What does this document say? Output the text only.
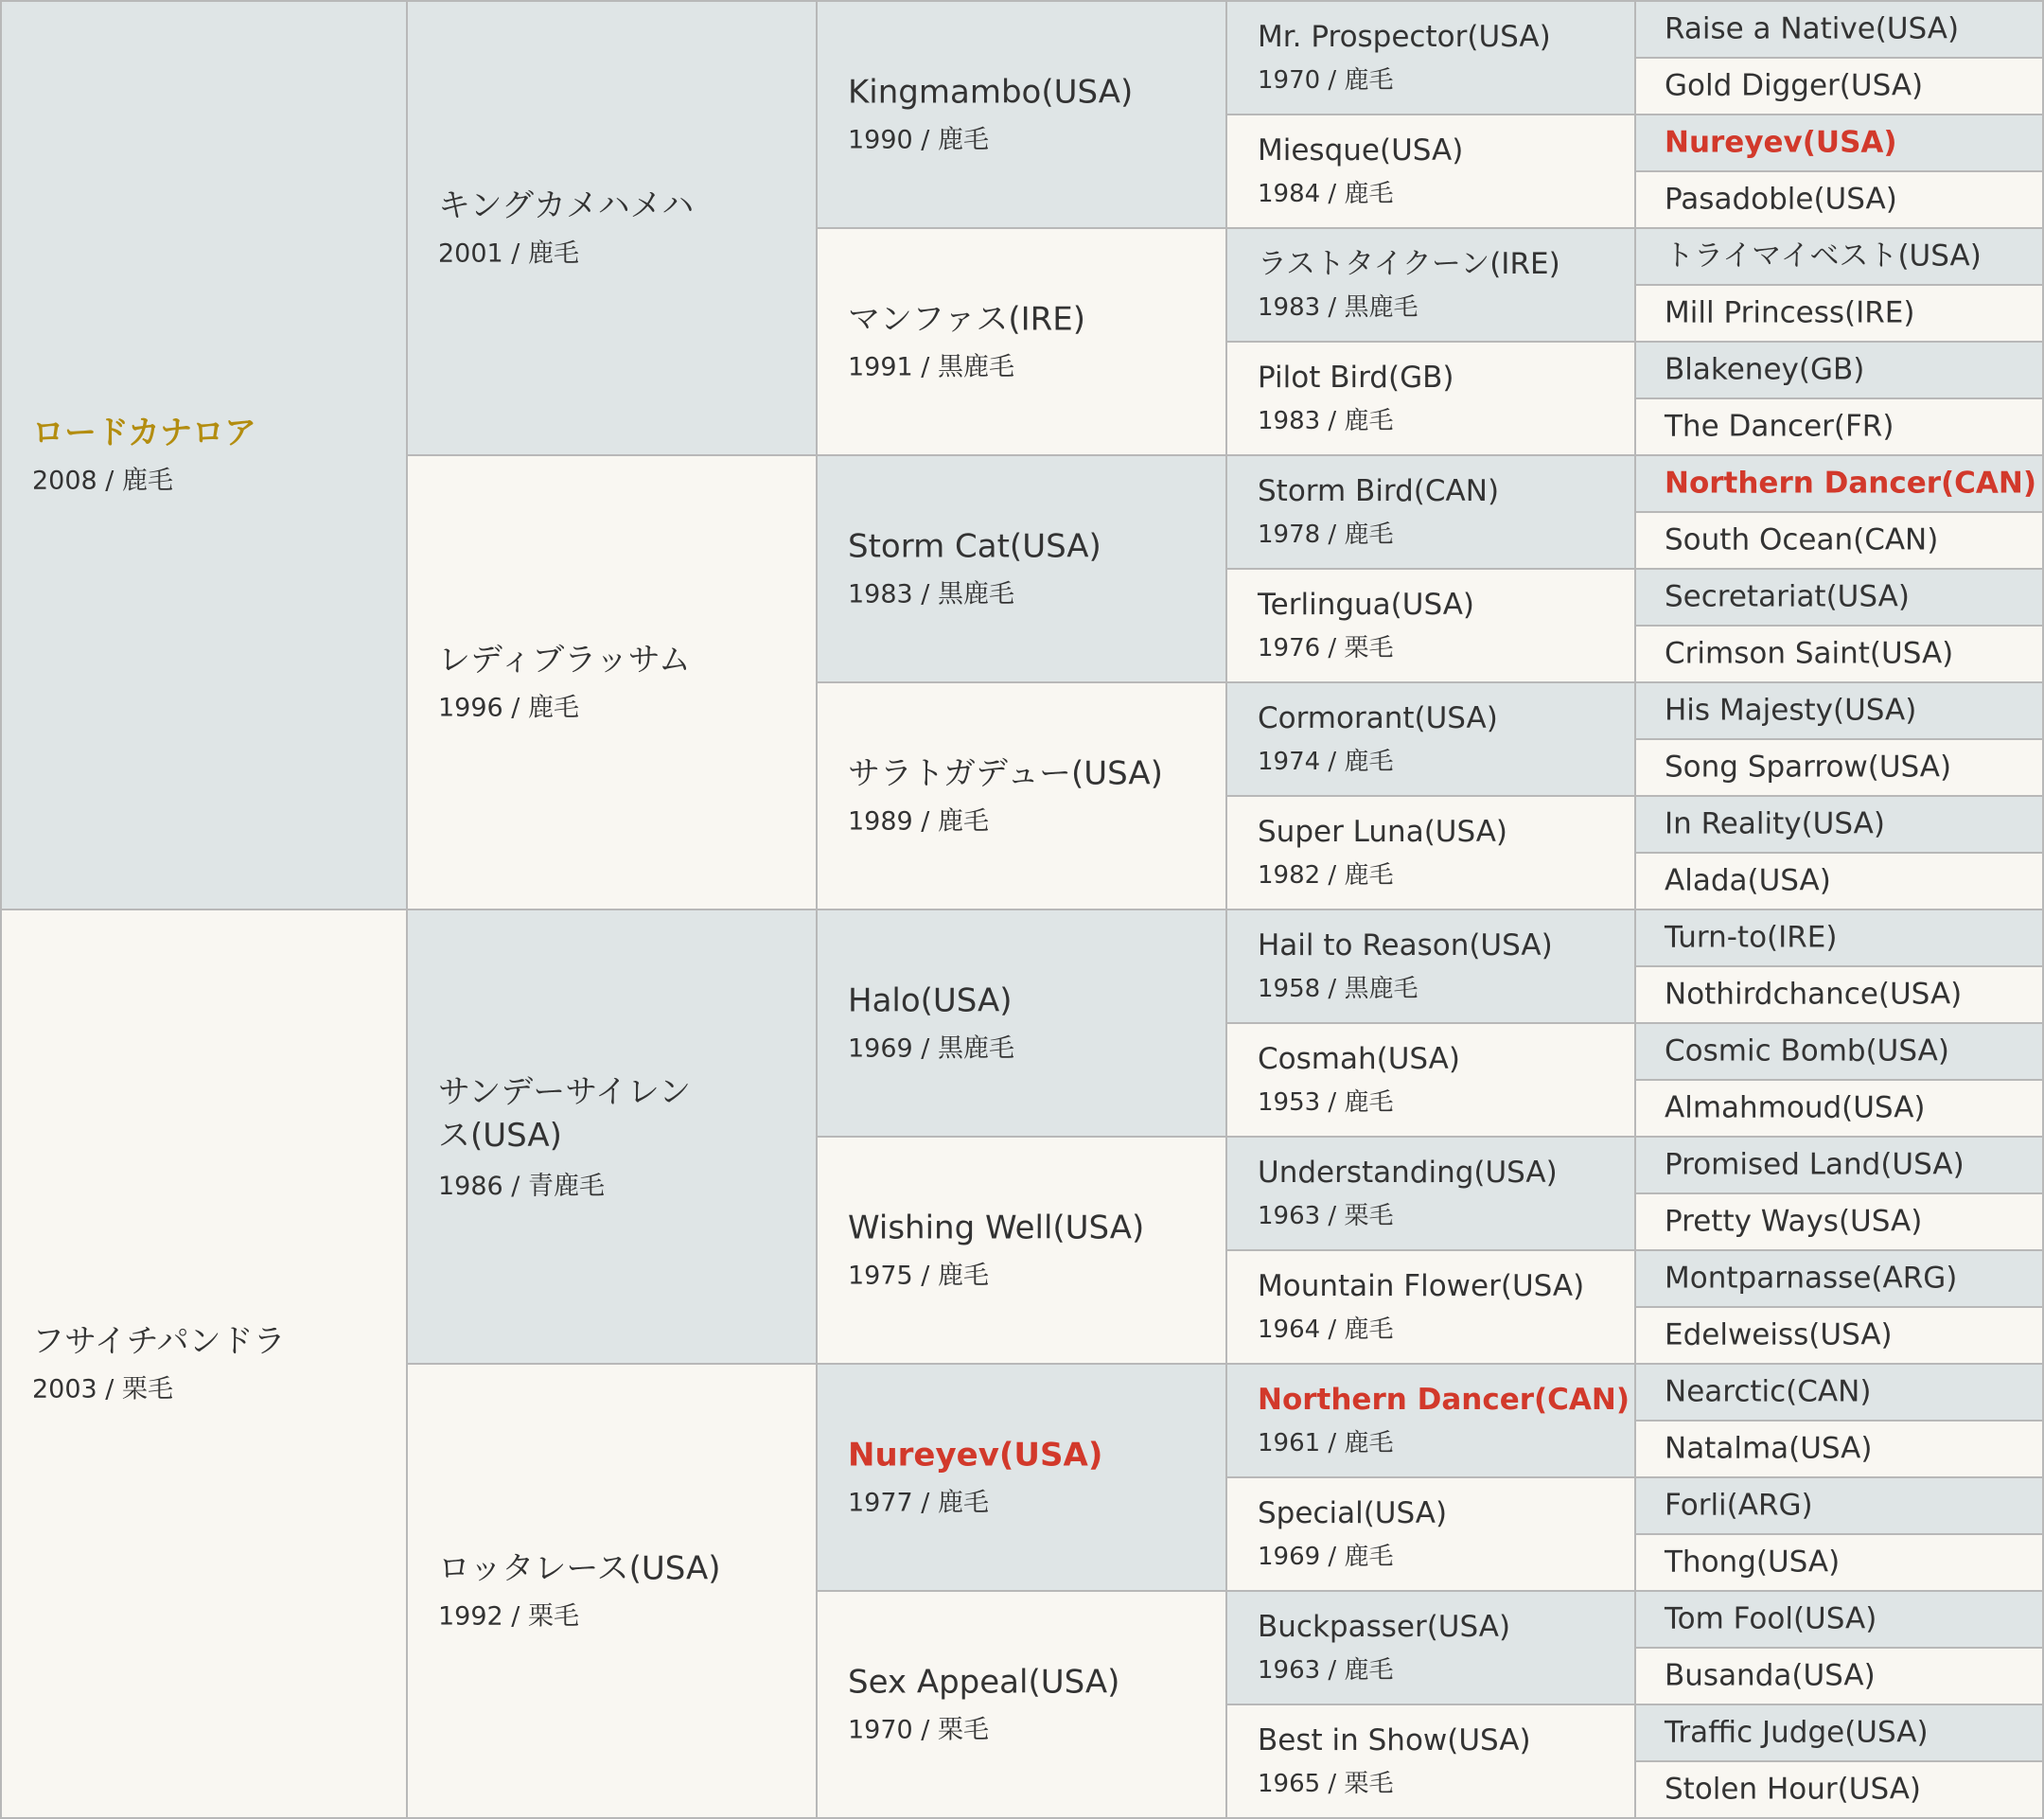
ロードカナロア
2008 / 鹿毛
フサイチパンドラ
2003 / 栗毛
キングカメハメハ
2001 / 鹿毛
レディブラッサム
1996 / 鹿毛
サンデーサイレンス(USA)
1986 / 青鹿毛
ロッタレース(USA)
1992 / 栗毛
Kingmambo(USA)
1990 / 鹿毛
マンファス(IRE)
1991 / 黒鹿毛
Storm Cat(USA)
1983 / 黒鹿毛
サラトガデュー(USA)
1989 / 鹿毛
Halo(USA)
1969 / 黒鹿毛
Wishing Well(USA)
1975 / 鹿毛
Nureyev(USA)
1977 / 鹿毛
Sex Appeal(USA)
1970 / 栗毛
Mr. Prospector(USA)
1970 / 鹿毛
Miesque(USA)
1984 / 鹿毛
ラストタイクーン(IRE)
1983 / 黒鹿毛
Pilot Bird(GB)
1983 / 鹿毛
Storm Bird(CAN)
1978 / 鹿毛
Terlingua(USA)
1976 / 栗毛
Cormorant(USA)
1974 / 鹿毛
Super Luna(USA)
1982 / 鹿毛
Hail to Reason(USA)
1958 / 黒鹿毛
Cosmah(USA)
1953 / 鹿毛
Understanding(USA)
1963 / 栗毛
Mountain Flower(USA)
1964 / 鹿毛
Northern Dancer(CAN)
1961 / 鹿毛
Special(USA)
1969 / 鹿毛
Buckpasser(USA)
1963 / 鹿毛
Best in Show(USA)
1965 / 栗毛
Raise a Native(USA)
Gold Digger(USA)
Nureyev(USA)
Pasadoble(USA)
トライマイベスト(USA)
Mill Princess(IRE)
Blakeney(GB)
The Dancer(FR)
Northern Dancer(CAN)
South Ocean(CAN)
Secretariat(USA)
Crimson Saint(USA)
His Majesty(USA)
Song Sparrow(USA)
In Reality(USA)
Alada(USA)
Turn-to(IRE)
Nothirdchance(USA)
Cosmic Bomb(USA)
Almahmoud(USA)
Promised Land(USA)
Pretty Ways(USA)
Montparnasse(ARG)
Edelweiss(USA)
Nearctic(CAN)
Natalma(USA)
Forli(ARG)
Thong(USA)
Tom Fool(USA)
Busanda(USA)
Traffic Judge(USA)
Stolen Hour(USA)
